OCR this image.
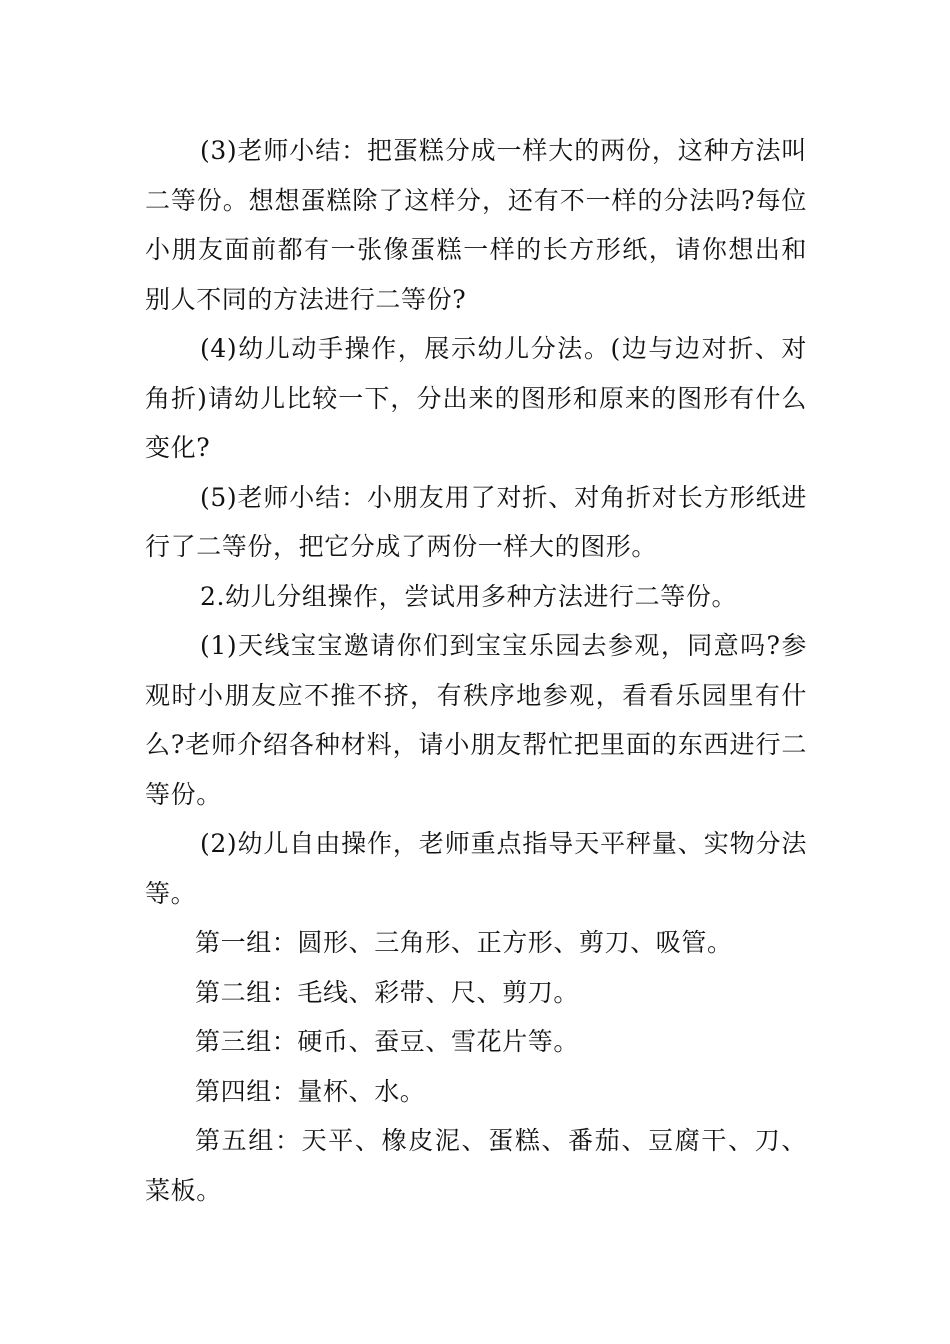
(3)老师小结：把蛋糕分成一样大的两份，这种方法叫二等份。想想蛋糕除了这样分，还有不一样的分法吗?每位小朋友面前都有一张像蛋糕一样的长方形纸，请你想出和别人不同的方法进行二等份?

(4)幼儿动手操作，展示幼儿分法。(边与边对折、对角折)请幼儿比较一下，分出来的图形和原来的图形有什么变化?

(5)老师小结：小朋友用了对折、对角折对长方形纸进行了二等份，把它分成了两份一样大的图形。

2.幼儿分组操作，尝试用多种方法进行二等份。

(1)天线宝宝邀请你们到宝宝乐园去参观，同意吗?参观时小朋友应不推不挤，有秩序地参观，看看乐园里有什么?老师介绍各种材料，请小朋友帮忙把里面的东西进行二等份。

(2)幼儿自由操作，老师重点指导天平秤量、实物分法等。

第一组：圆形、三角形、正方形、剪刀、吸管。

第二组：毛线、彩带、尺、剪刀。

第三组：硬币、蚕豆、雪花片等。

第四组：量杯、水。

第五组：天平、橡皮泥、蛋糕、番茄、豆腐干、刀、菜板。
